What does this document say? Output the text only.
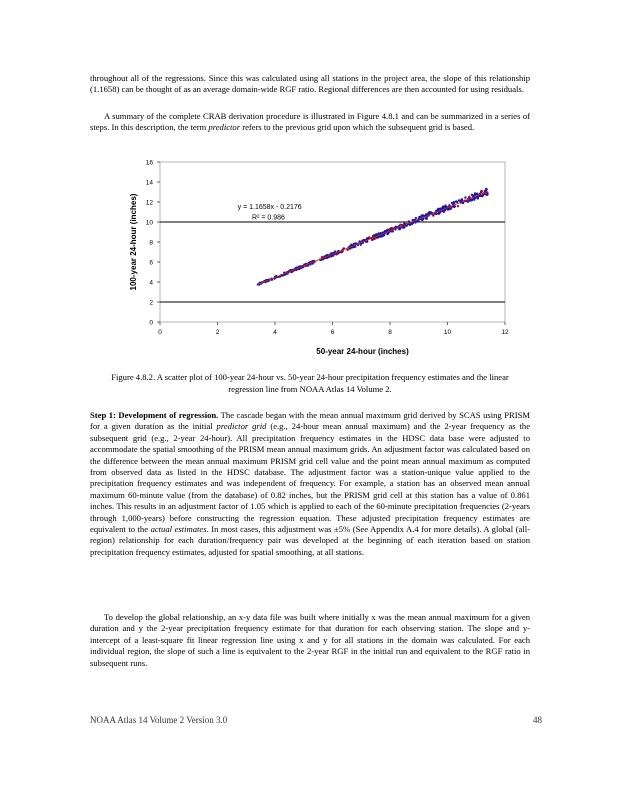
throughout all of the regressions. Since this was calculated using all stations in the project area, the slope of this relationship (1.1658) can be thought of as an average domain-wide RGF ratio. Regional differences are then accounted for using residuals.

A summary of the complete CRAB derivation procedure is illustrated in Figure 4.8.1 and can be summarized in a series of steps. In this description, the term predictor refers to the previous grid upon which the subsequent grid is based.

0
2
4
6
8
10
12
14
16
0	2	4	6	8	10	12
50-year 24-hour (inches)
100-year 24-hour (inches)	y = 1.1658x - 0.2176
R² = 0.986

Figure 4.8.2. A scatter plot of 100-year 24-hour vs. 50-year 24-hour precipitation frequency estimates and the linear regression line from NOAA Atlas 14 Volume 2.

Step 1: Development of regression. The cascade began with the mean annual maximum grid derived by SCAS using PRISM for a given duration as the initial predictor grid (e.g., 24-hour mean annual maximum) and the 2-year frequency as the subsequent grid (e.g., 2-year 24-hour). All precipitation frequency estimates in the HDSC data base were adjusted to accommodate the spatial smoothing of the PRISM mean annual maximum grids. An adjustment factor was calculated based on the difference between the mean annual maximum PRISM grid cell value and the point mean annual maximum as computed from observed data as listed in the HDSC database. The adjustment factor was a station-unique value applied to the precipitation frequency estimates and was independent of frequency. For example, a station has an observed mean annual maximum 60-minute value (from the database) of 0.82 inches, but the PRISM grid cell at this station has a value of 0.861 inches. This results in an adjustment factor of 1.05 which is applied to each of the 60-minute precipitation frequencies (2-years through 1,000-years) before constructing the regression equation. These adjusted precipitation frequency estimates are equivalent to the actual estimates. In most cases, this adjustment was ±5% (See Appendix A.4 for more details). A global (all-region) relationship for each duration/frequency pair was developed at the beginning of each iteration based on station precipitation frequency estimates, adjusted for spatial smoothing, at all stations.

To develop the global relationship, an x-y data file was built where initially x was the mean annual maximum for a given duration and y the 2-year precipitation frequency estimate for that duration for each observing station. The slope and y-intercept of a least-square fit linear regression line using x and y for all stations in the domain was calculated. For each individual region, the slope of such a line is equivalent to the 2-year RGF in the initial run and equivalent to the RGF ratio in subsequent runs.

NOAA Atlas 14 Volume 2 Version 3.0	48
